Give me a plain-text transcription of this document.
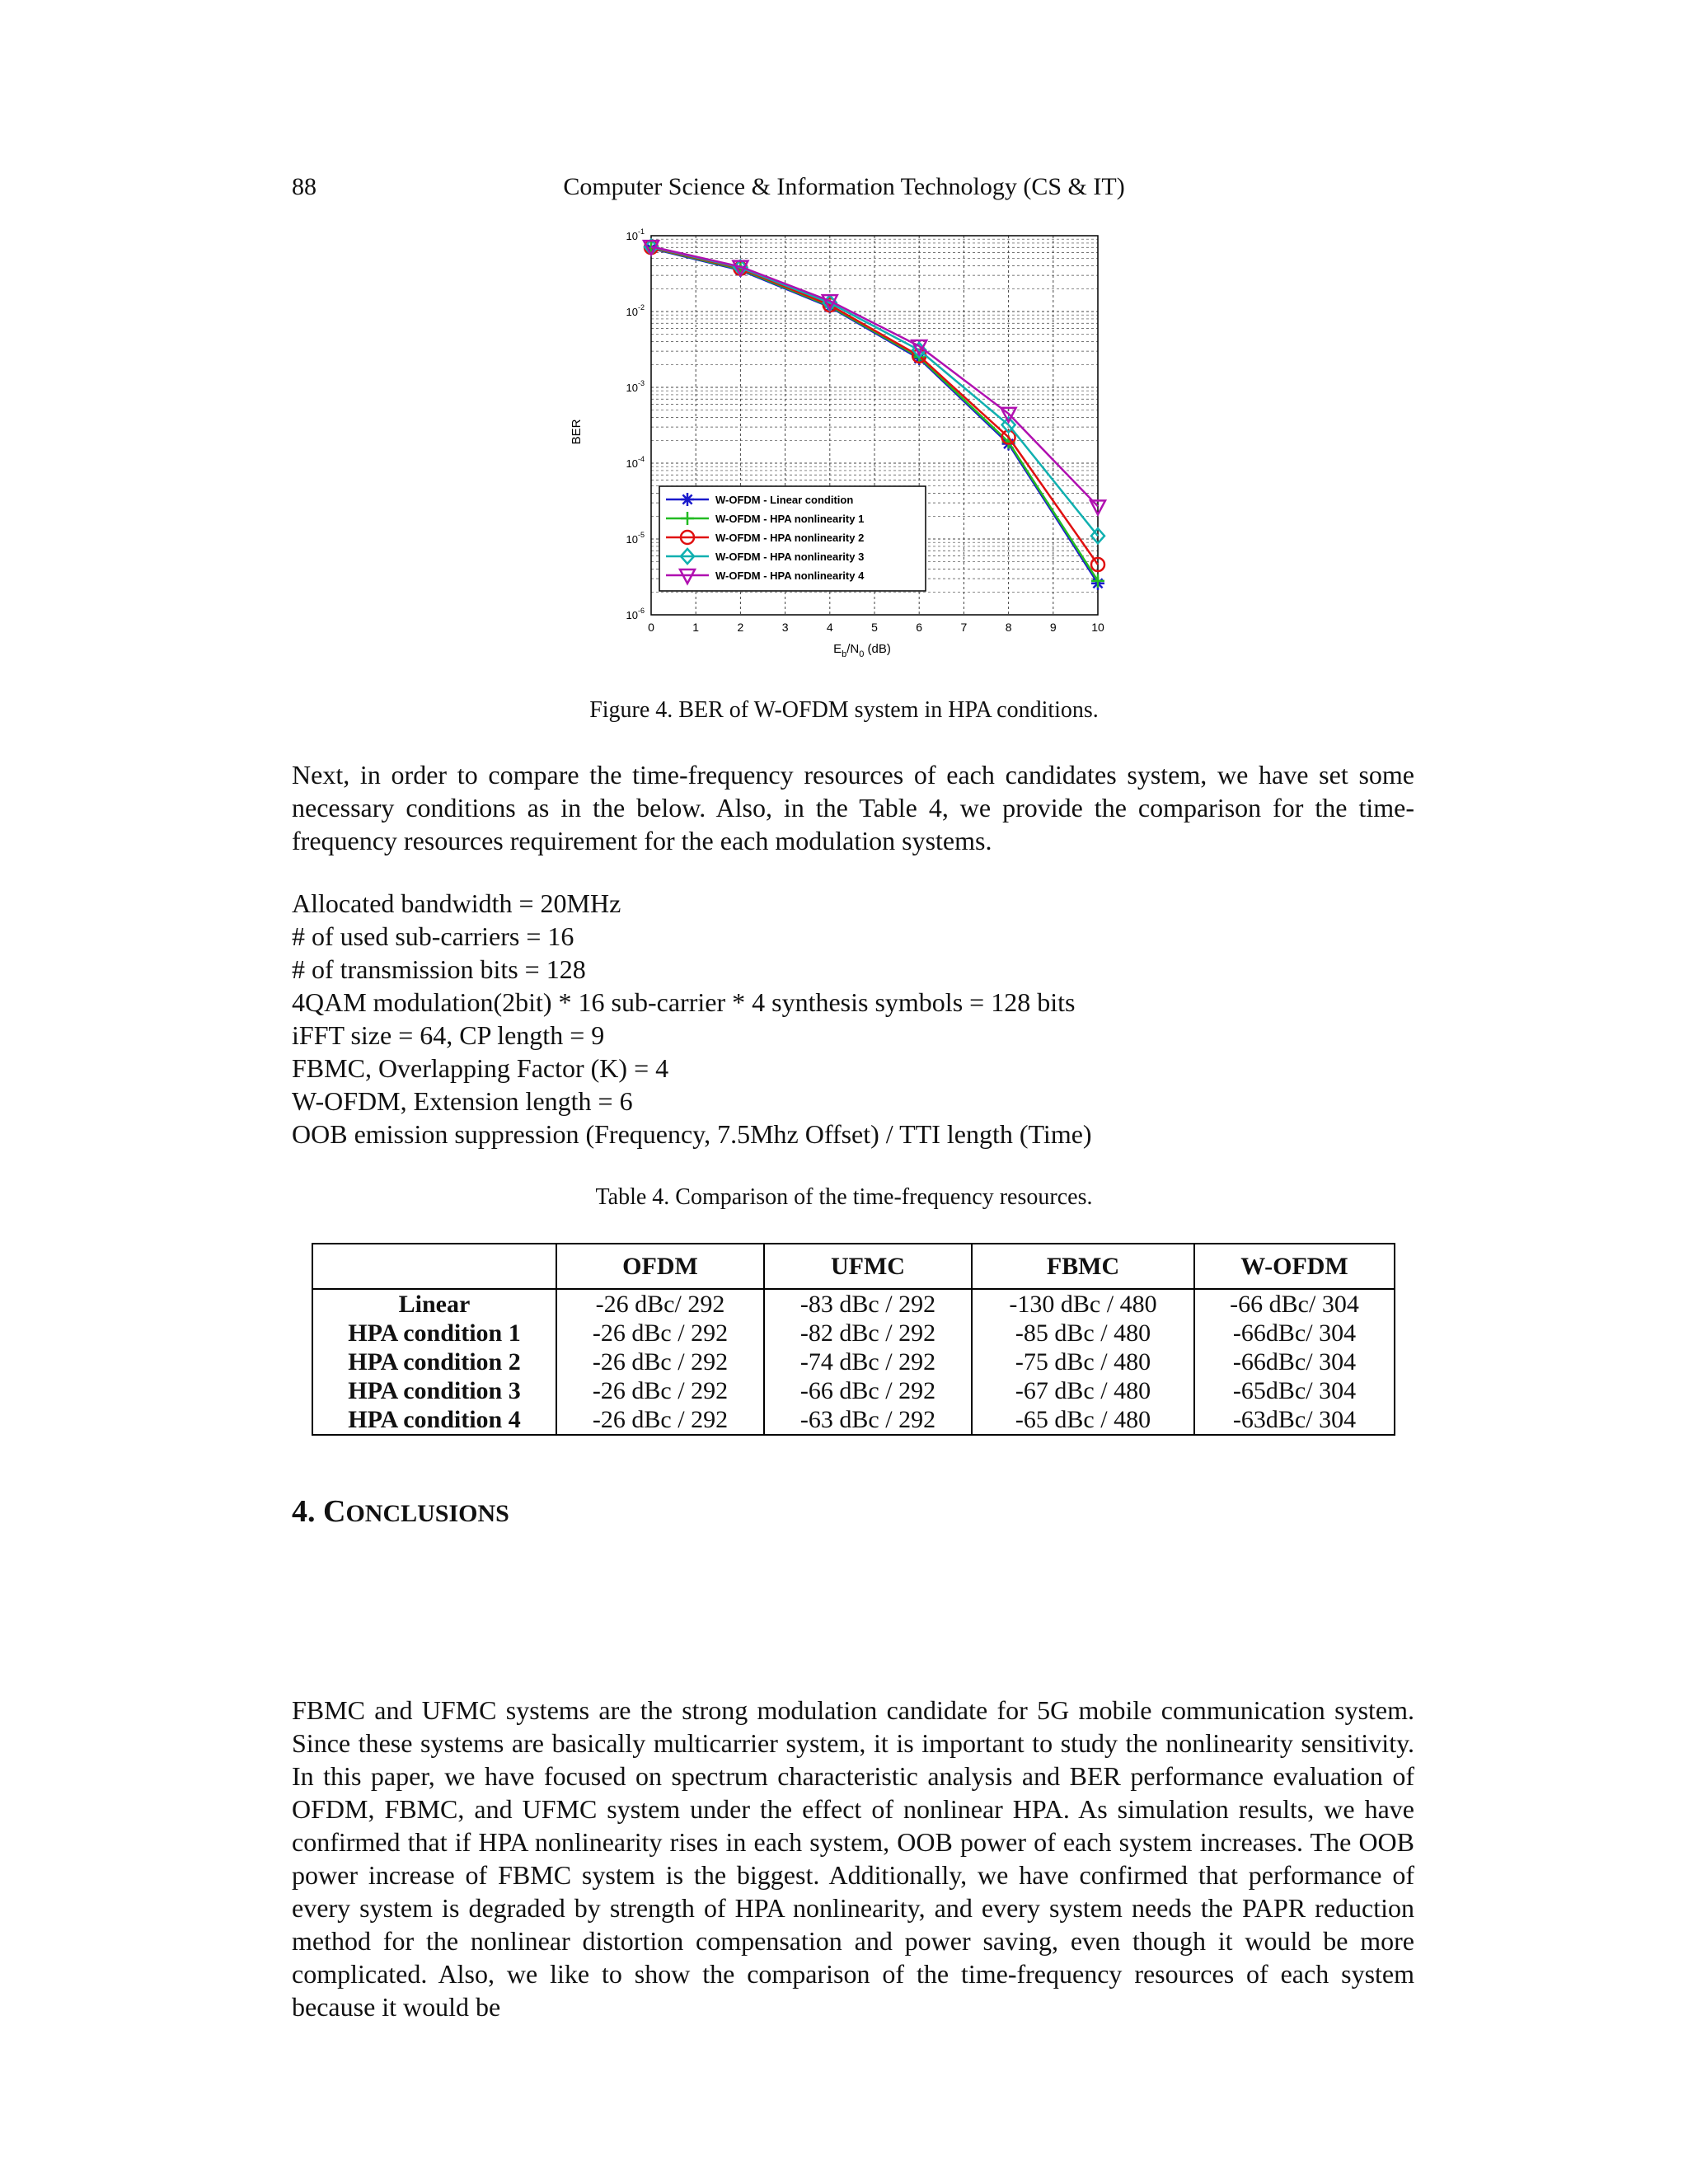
88	Computer Science & Information Technology (CS & IT)
0	1	2	3	4	5	6	7	8	9	10
$10^{-1}$
$10^{-2}$
$10^{-3}$
$10^{-4}$
$10^{-5}$
$10^{-6}$
W-OFDM - Linear condition
W-OFDM - HPA nonlinearity 1
W-OFDM - HPA nonlinearity 2
W-OFDM - HPA nonlinearity 3
W-OFDM - HPA nonlinearity 4
BER
$E_b/N_0$ (dB)
Figure 4. BER of W-OFDM system in HPA conditions.

Next, in order to compare the time-frequency resources of each candidates system, we have set some necessary conditions as in the below. Also, in the Table 4, we provide the comparison for the time-frequency resources requirement for the each modulation systems.

Allocated bandwidth = 20MHz
# of used sub-carriers = 16
# of transmission bits = 128
4QAM modulation(2bit) * 16 sub-carrier * 4 synthesis symbols = 128 bits
iFFT size = 64, CP length = 9
FBMC, Overlapping Factor (K) = 4
W-OFDM, Extension length = 6
OOB emission suppression (Frequency, 7.5Mhz Offset) / TTI length (Time)
Table 4. Comparison of the time-frequency resources.
	OFDM	UFMC	FBMC	W-OFDM
Linear	-26 dBc/ 292	-83 dBc / 292	-130 dBc / 480	-66 dBc/ 304
HPA condition 1	-26 dBc / 292	-82 dBc / 292	-85 dBc / 480	-66dBc/ 304
HPA condition 2	-26 dBc / 292	-74 dBc / 292	-75 dBc / 480	-66dBc/ 304
HPA condition 3	-26 dBc / 292	-66 dBc / 292	-67 dBc / 480	-65dBc/ 304
HPA condition 4	-26 dBc / 292	-63 dBc / 292	-65 dBc / 480	-63dBc/ 304
4. CONCLUSIONS

FBMC and UFMC systems are the strong modulation candidate for 5G mobile communication system. Since these systems are basically multicarrier system, it is important to study the nonlinearity sensitivity. In this paper, we have focused on spectrum characteristic analysis and BER performance evaluation of OFDM, FBMC, and UFMC system under the effect of nonlinear HPA. As simulation results, we have confirmed that if HPA nonlinearity rises in each system, OOB power of each system increases. The OOB power increase of FBMC system is the biggest. Additionally, we have confirmed that performance of every system is degraded by strength of HPA nonlinearity, and every system needs the PAPR reduction method for the nonlinear distortion compensation and power saving, even though it would be more complicated. Also, we like to show the comparison of the time-frequency resources of each system because it would be
